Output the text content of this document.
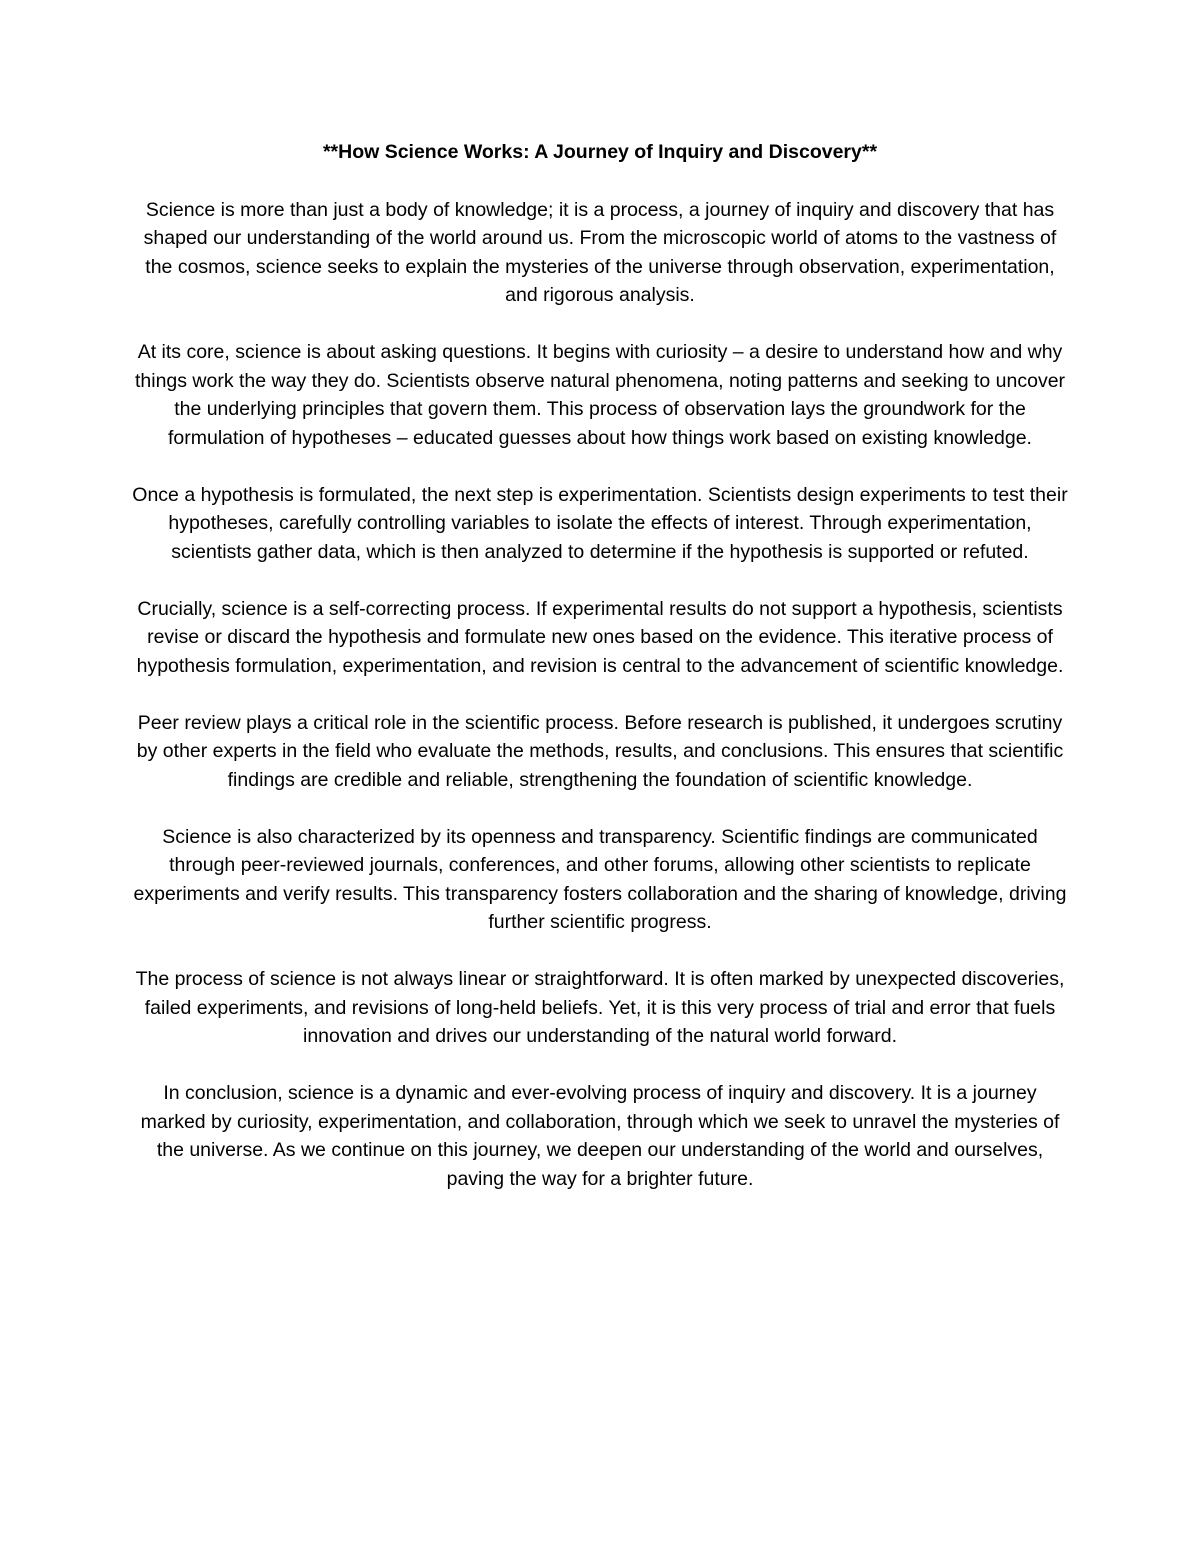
**How Science Works: A Journey of Inquiry and Discovery**

Science is more than just a body of knowledge; it is a process, a journey of inquiry and discovery that has shaped our understanding of the world around us. From the microscopic world of atoms to the vastness of the cosmos, science seeks to explain the mysteries of the universe through observation, experimentation, and rigorous analysis.

At its core, science is about asking questions. It begins with curiosity – a desire to understand how and why things work the way they do. Scientists observe natural phenomena, noting patterns and seeking to uncover the underlying principles that govern them. This process of observation lays the groundwork for the formulation of hypotheses – educated guesses about how things work based on existing knowledge.

Once a hypothesis is formulated, the next step is experimentation. Scientists design experiments to test their hypotheses, carefully controlling variables to isolate the effects of interest. Through experimentation, scientists gather data, which is then analyzed to determine if the hypothesis is supported or refuted.

Crucially, science is a self-correcting process. If experimental results do not support a hypothesis, scientists revise or discard the hypothesis and formulate new ones based on the evidence. This iterative process of hypothesis formulation, experimentation, and revision is central to the advancement of scientific knowledge.

Peer review plays a critical role in the scientific process. Before research is published, it undergoes scrutiny by other experts in the field who evaluate the methods, results, and conclusions. This ensures that scientific findings are credible and reliable, strengthening the foundation of scientific knowledge.

Science is also characterized by its openness and transparency. Scientific findings are communicated through peer-reviewed journals, conferences, and other forums, allowing other scientists to replicate experiments and verify results. This transparency fosters collaboration and the sharing of knowledge, driving further scientific progress.

The process of science is not always linear or straightforward. It is often marked by unexpected discoveries, failed experiments, and revisions of long-held beliefs. Yet, it is this very process of trial and error that fuels innovation and drives our understanding of the natural world forward.

In conclusion, science is a dynamic and ever-evolving process of inquiry and discovery. It is a journey marked by curiosity, experimentation, and collaboration, through which we seek to unravel the mysteries of the universe. As we continue on this journey, we deepen our understanding of the world and ourselves, paving the way for a brighter future.
